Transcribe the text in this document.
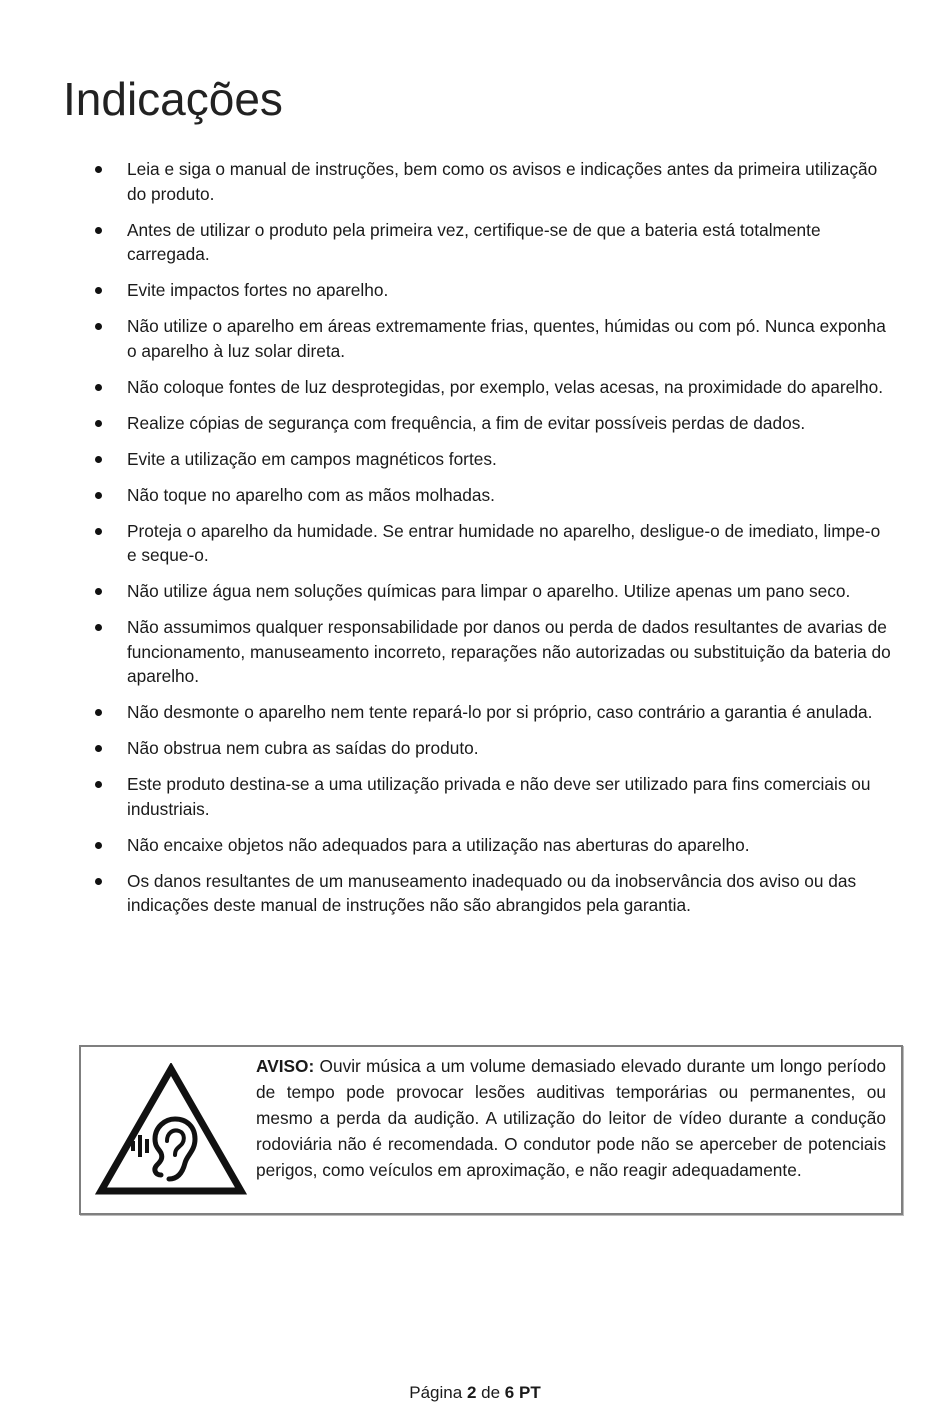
Indicações
Leia e siga o manual de instruções, bem como os avisos e indicações antes da primeira utilização do produto.
Antes de utilizar o produto pela primeira vez, certifique-se de que a bateria está totalmente carregada.
Evite impactos fortes no aparelho.
Não utilize o aparelho em áreas extremamente frias, quentes, húmidas ou com pó. Nunca exponha o aparelho à luz solar direta.
Não coloque fontes de luz desprotegidas, por exemplo, velas acesas, na proximidade do aparelho.
Realize cópias de segurança com frequência, a fim de evitar possíveis perdas de dados.
Evite a utilização em campos magnéticos fortes.
Não toque no aparelho com as mãos molhadas.
Proteja o aparelho da humidade. Se entrar humidade no aparelho, desligue-o de imediato, limpe-o e seque-o.
Não utilize água nem soluções químicas para limpar o aparelho. Utilize apenas um pano seco.
Não assumimos qualquer responsabilidade por danos ou perda de dados resultantes de avarias de funcionamento, manuseamento incorreto, reparações não autorizadas ou substituição da bateria do aparelho.
Não desmonte o aparelho nem tente repará-lo por si próprio, caso contrário a garantia é anulada.
Não obstrua nem cubra as saídas do produto.
Este produto destina-se a uma utilização privada e não deve ser utilizado para fins comerciais ou industriais.
Não encaixe objetos não adequados para a utilização nas aberturas do aparelho.
Os danos resultantes de um manuseamento inadequado ou da inobservância dos aviso ou das indicações deste manual de instruções não são abrangidos pela garantia.
AVISO: Ouvir música a um volume demasiado elevado durante um longo período de tempo pode provocar lesões auditivas temporárias ou permanentes, ou mesmo a perda da audição. A utilização do leitor de vídeo durante a condução rodoviária não é recomendada. O condutor pode não se aperceber de potenciais perigos, como veículos em aproximação, e não reagir adequadamente.
Página 2 de 6 PT
